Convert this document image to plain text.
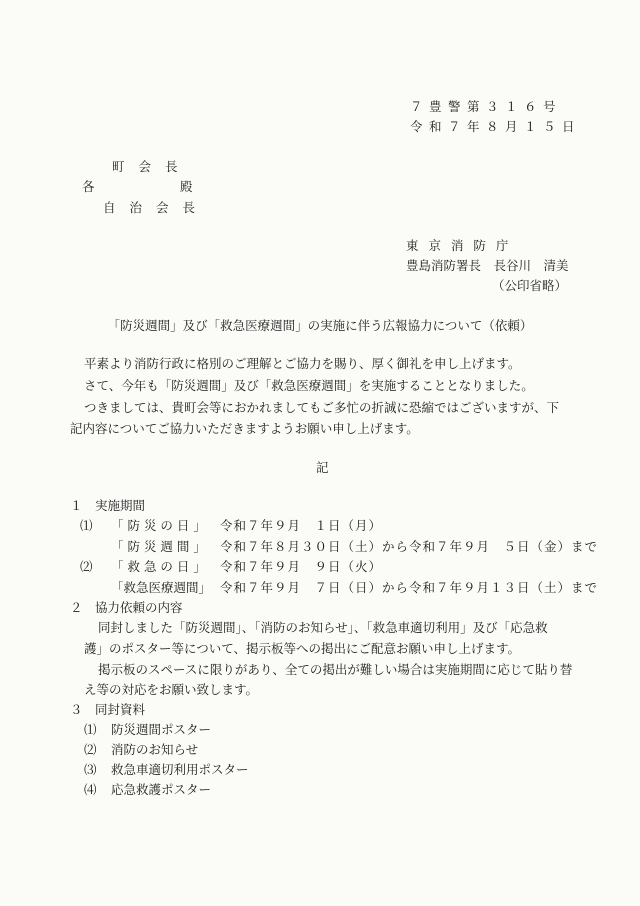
７豊警第３１６号
令和７年８月１５日
町 会 長
各	殿
自 治 会 長
東 京 消 防 庁
豊島消防署長　長谷川　清美
（公印省略）
「防災週間」及び「救急医療週間」の実施に伴う広報協力について（依頼）
平素より消防行政に格別のご理解とご協力を賜り、厚く御礼を申し上げます。
さて、今年も「防災週間」及び「救急医療週間」を実施することとなりました。
つきましては、貴町会等におかれましてもご多忙の折誠に恐縮ではございますが、下
記内容についてご協力いただきますようお願い申し上げます。
記
１　実施期間
⑴ 「 防 災 の 日 」 令和７年９月　１日（月）
「 防 災 週 間 」 令和７年８月３０日（土）から令和７年９月　５日（金）まで
⑵ 「 救 急 の 日 」 令和７年９月　９日（火）
「救急医療週間」 令和７年９月　７日（日）から令和７年９月１３日（土）まで
２　協力依頼の内容
同封しました「防災週間」、「消防のお知らせ」、「救急車適切利用」及び「応急救
護」のポスター等について、掲示板等への掲出にご配意お願い申し上げます。
掲示板のスペースに限りがあり、全ての掲出が難しい場合は実施期間に応じて貼り替
え等の対応をお願い致します。
３　同封資料
⑴ 防災週間ポスター
⑵ 消防のお知らせ
⑶ 救急車適切利用ポスター
⑷ 応急救護ポスター
